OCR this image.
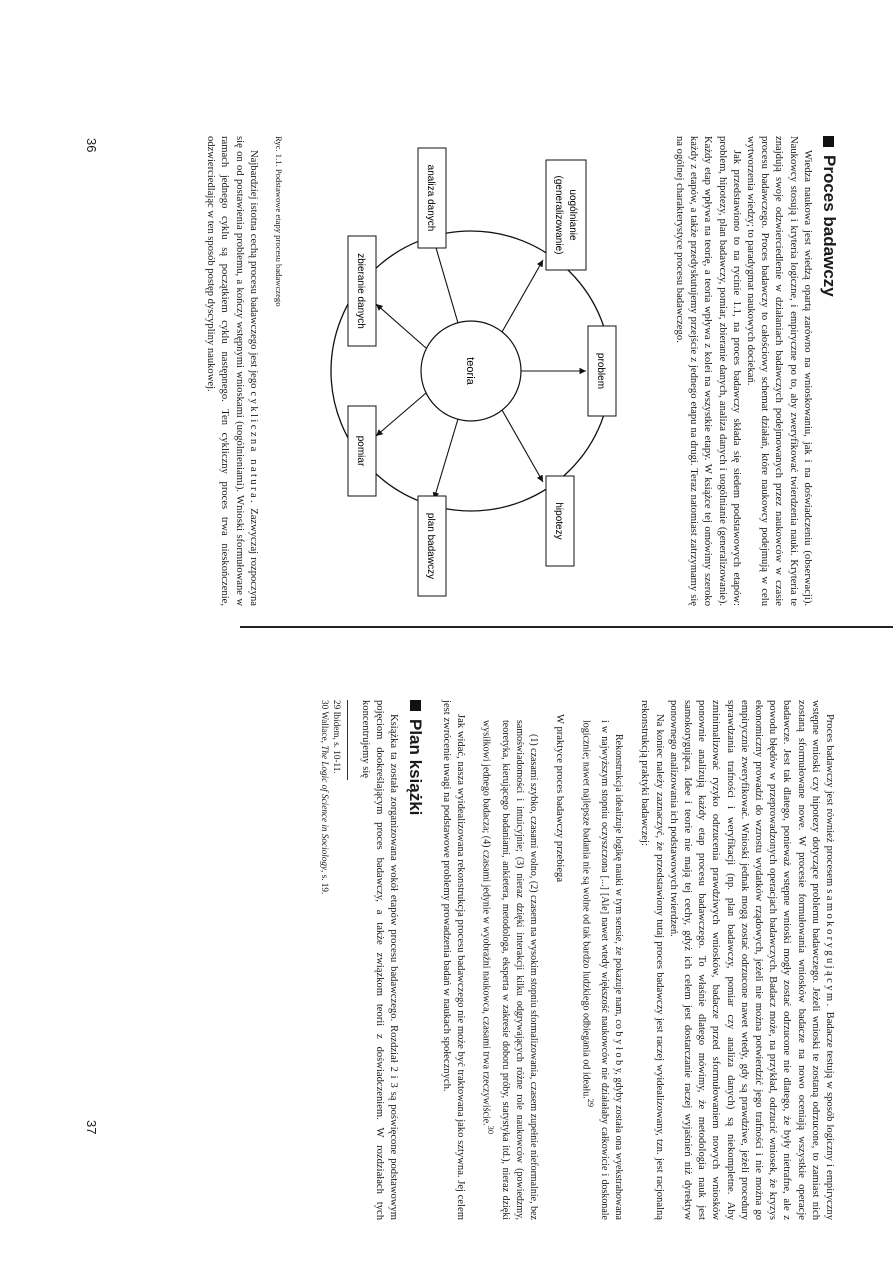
Proces badawczy

Wiedza naukowa jest wiedzą opartą zarówno na wnioskowaniu, jak i na doświadczeniu (obserwacji). Naukowcy stosują i kryteria logiczne, i empiryczne po to, aby zweryfikować twierdzenia nauki. Kryteria te znajdują swoje odzwierciedlenie w działaniach badawczych podejmowanych przez naukowców w czasie procesu badawczego. Proces badawczy to całościowy schemat działań, które naukowcy podejmują w celu wytworzenia wiedzy; to paradygmat naukowych dociekań.

Jak przedstawiono to na rycinie 1.1, na proces badawczy składa się siedem podstawowych etapów: problem, hipotezy, plan badawczy, pomiar, zbieranie danych, analiza danych i uogólnianie (generalizowanie). Każdy etap wpływa na teorię, a teoria wpływa z kolei na wszystkie etapy. W książce tej omówimy szeroko każdy z etapów, a także przedyskutujemy przejście z jednego etapu na drugi. Teraz natomiast zatrzymamy się na ogólnej charakterystyce procesu badawczego.

teoria	problem
hipotezy
plan badawczy
pomiar
zbieranie danych
analiza danych	uogólnianie
(generalizowanie)
Ryc. 1.1. Podstawowe etapy procesu badawczego

Najbardziej istotna cechą procesu badawczego jest jego cykliczna natura. Zazwyczaj rozpoczyna się on od postawienia problemu, a kończy wstępnymi wnioskami (uogólnieniami). Wnioski sformułowane w ramach jednego cyklu są początkiem cyklu następnego. Ten cykliczny proces trwa nieskończenie, odzwierciedlając w ten sposób postęp dyscypliny naukowej.

36

Proces badawczy jest również procesem samokorygującym. Badacze testują w sposób logiczny i empiryczny wstępne wnioski czy hipotezy dotyczące problemu badawczego. Jeżeli wnioski te zostaną odrzucone, to zamiast nich zostaną sformułowane nowe. W procesie formułowania wniosków badacze na nowo oceniają wszystkie operacje badawcze. Jest tak dlatego, ponieważ wstępne wnioski mogły zostać odrzucone nie dlatego, że były nietrafne, ale z powodu błędów w przeprowadzonych operacjach badawczych. Badacz może, na przykład, odrzucić wniosek, że kryzys ekonomiczny prowadzi do wzrostu wydatków rządowych, jeżeli nie można potwierdzić jego trafności i nie można go empirycznie zweryfikować. Wnioski jednak mogą zostać odrzucone nawet wtedy, gdy są prawdziwe, jeżeli procedury sprawdzania trafności i weryfikacji (np. plan badawczy, pomiar czy analiza danych) są niekompletne. Aby zminimalizować ryzyko odrzucenia prawdziwych wniosków, badacze przed sformułowaniem nowych wniosków ponownie analizują każdy etap procesu badawczego. To właśnie dlatego mówimy, że metodologia nauk jest samokorygująca. Idee i teorie nie mają tej cechy, gdyż ich celem jest dostarczanie raczej wyjaśnień niż dyrektyw ponownego analizowania ich podstawowych twierdzeń.

Na koniec należy zaznaczyć, że przedstawiony tutaj proces badawczy jest raczej wyidealizowany, tzn. jest racjonalną rekonstrukcją praktyki badawczej:

Rekonstrukcja idealizuje logikę nauki w tym sensie, że pokazuje nam, co b y ł o b y, gdyby została ona wyekstrahowana i w najwyższym stopniu oczyszczona [...] [Ale] nawet wtedy większość naukowców nie działałaby całkowicie i doskonale logicznie; nawet najlepsze badania nie są wolne od tak bardzo ludzkiego odbiegania od ideału.$^{29}$

W praktyce proces badawczy przebiega

(1) czasami szybko, czasami wolno, (2) czasem na wysokim stopniu sformalizowania, czasem zupełnie nieformalnie, bez samoświadomości i intuicyjnie; (3) nieraz dzięki interakcji kilku odgrywających różne role naukowców (powiedzmy, teoretyka, kierującego badaniami, ankietera, metodologa, eksperta w zakresie doboru próby, statystyka itd.), nieraz dzięki wysiłkowi jednego badacza; (4) czasami jedynie w wyobraźni naukowca, czasami trwa rzeczywiście.$^{30}$

Jak widać, nasza wyidealizowana rekonstrukcja procesu badawczego nie może być traktowana jako sztywna. Jej celem jest zwrócenie uwagi na podstawowe problemy prowadzenia badań w naukach społecznych.

Plan książki

Książka ta została zorganizowana wokół etapów procesu badawczego. Rozdział 2 i 3 są poświęcone podstawowym pojęciom dookreślającym proces badawczy, a także związkom teorii z doświadczeniem. W rozdziałach tych koncentrujemy się

29 Ibidem, s. 10-11.
30 Wallace, The Logic of Science in Sociology, s. 19.
37
